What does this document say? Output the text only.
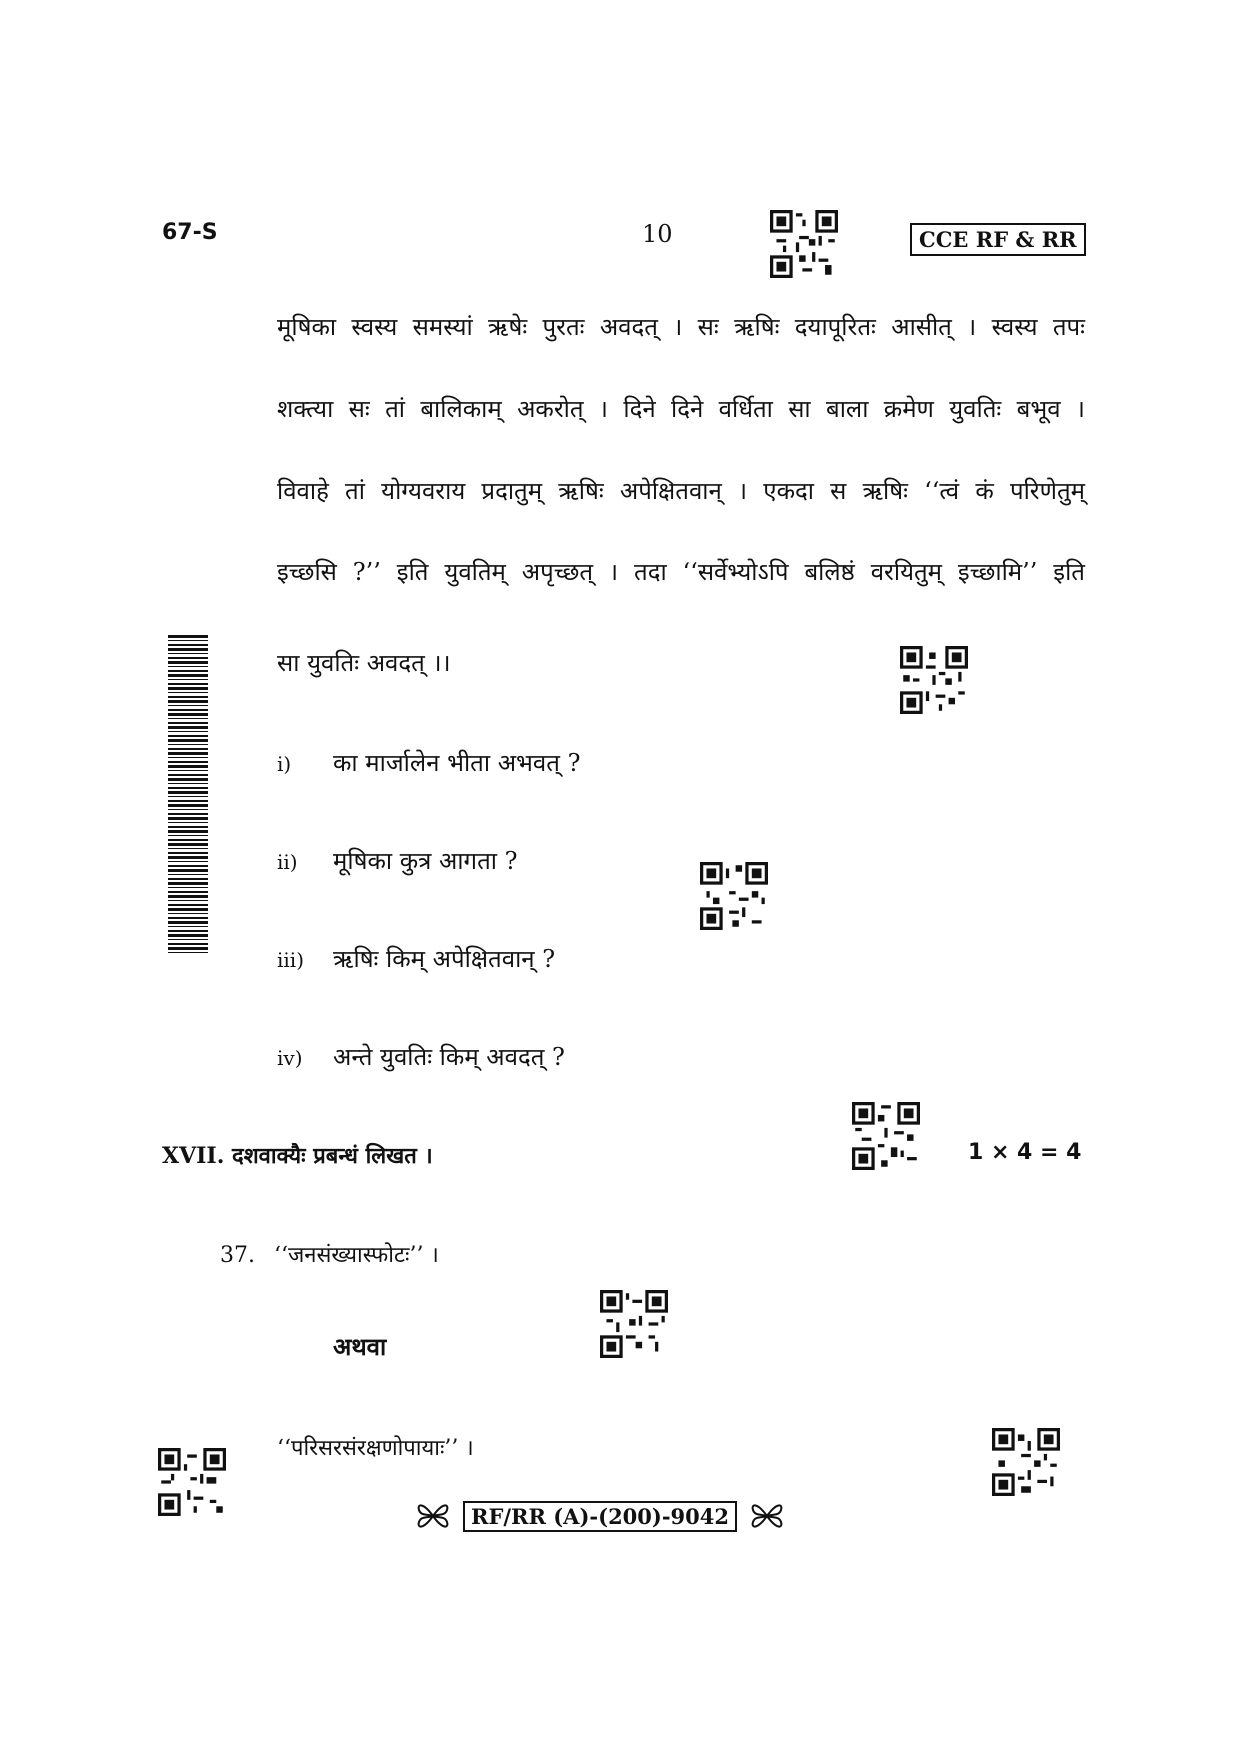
67-S	10	CCE RF & RR
मूषिका स्वस्य समस्यां ऋषेः पुरतः अवदत् । सः ऋषिः दयापूरितः आसीत् । स्वस्य तपः
शक्त्या सः तां बालिकाम् अकरोत् । दिने दिने वर्धिता सा बाला क्रमेण युवतिः बभूव ।
विवाहे तां योग्यवराय प्रदातुम् ऋषिः अपेक्षितवान् । एकदा स ऋषिः ‘‘त्वं कं परिणेतुम्
इच्छसि ?’’ इति युवतिम् अपृच्छत् । तदा ‘‘सर्वेभ्योऽपि बलिष्ठं वरयितुम् इच्छामि’’ इति
सा युवतिः अवदत् ।।
i) का मार्जालेन भीता अभवत् ?
ii) मूषिका कुत्र आगता ?
iii) ऋषिः किम् अपेक्षितवान् ?
iv) अन्ते युवतिः किम् अवदत् ?
XVII. दशवाक्यैः प्रबन्धं लिखत ।	1 × 4 = 4
37. ‘‘जनसंख्यास्फोटः’’ ।
अथवा
‘‘परिसरसंरक्षणोपायाः’’ ।
RF/RR (A)-(200)-9042
